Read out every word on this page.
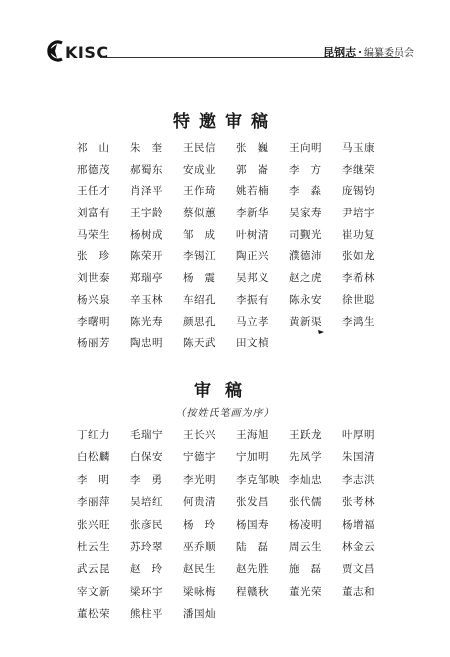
KISC	昆钢志 · 编纂委员会
特邀审稿
祁山 朱奎 王民信	张巍 王向明	马玉康
邢德茂	郝蜀东	安成业	郭崙 李方 李继荣
王任才	肖泽平	王作琦	姚若楠	李淼 庞锡钧
刘富有	王宇龄	蔡似蕙	李新华	吴家寿	尹培宇
马荣生	杨树成	邹成 叶树清	司觐光	崔功复
张珍 陈荣开	李锡江	陶正兴	濮德沛	张如龙
刘世泰	郑瑞亭	杨震 吴邦义	赵之虎	李希林
杨兴泉	辛玉林	车绍孔	李振有	陈永安	徐世聪
李曙明	陈光寿	颜思孔	马立孝	黄新渠	李鸿生
杨丽芳	陶忠明	陈天武	田文楨
审稿
（按姓氏笔画为序）
丁红力	毛瑞宁	王长兴	王海旭	王跃龙	叶厚明
白松麟	白保安	宁德宇	宁加明	先凤学	朱国清
李明 李勇 李光明	李克邹映 李灿忠	李志洪
李丽萍	吴培红	何贵清	张发昌	张代儒	张考林
张兴旺	张彦民	杨玲 杨国寿	杨凌明	杨增福
杜云生	苏玲翠	巫乔顺	陆磊 周云生	林金云
武云昆	赵玲 赵民生	赵先胜	施磊 贾文昌
宰文新	梁环宇	梁咏梅	程赣秋	董光荣	董志和
董松荣	熊柱平	潘国灿
